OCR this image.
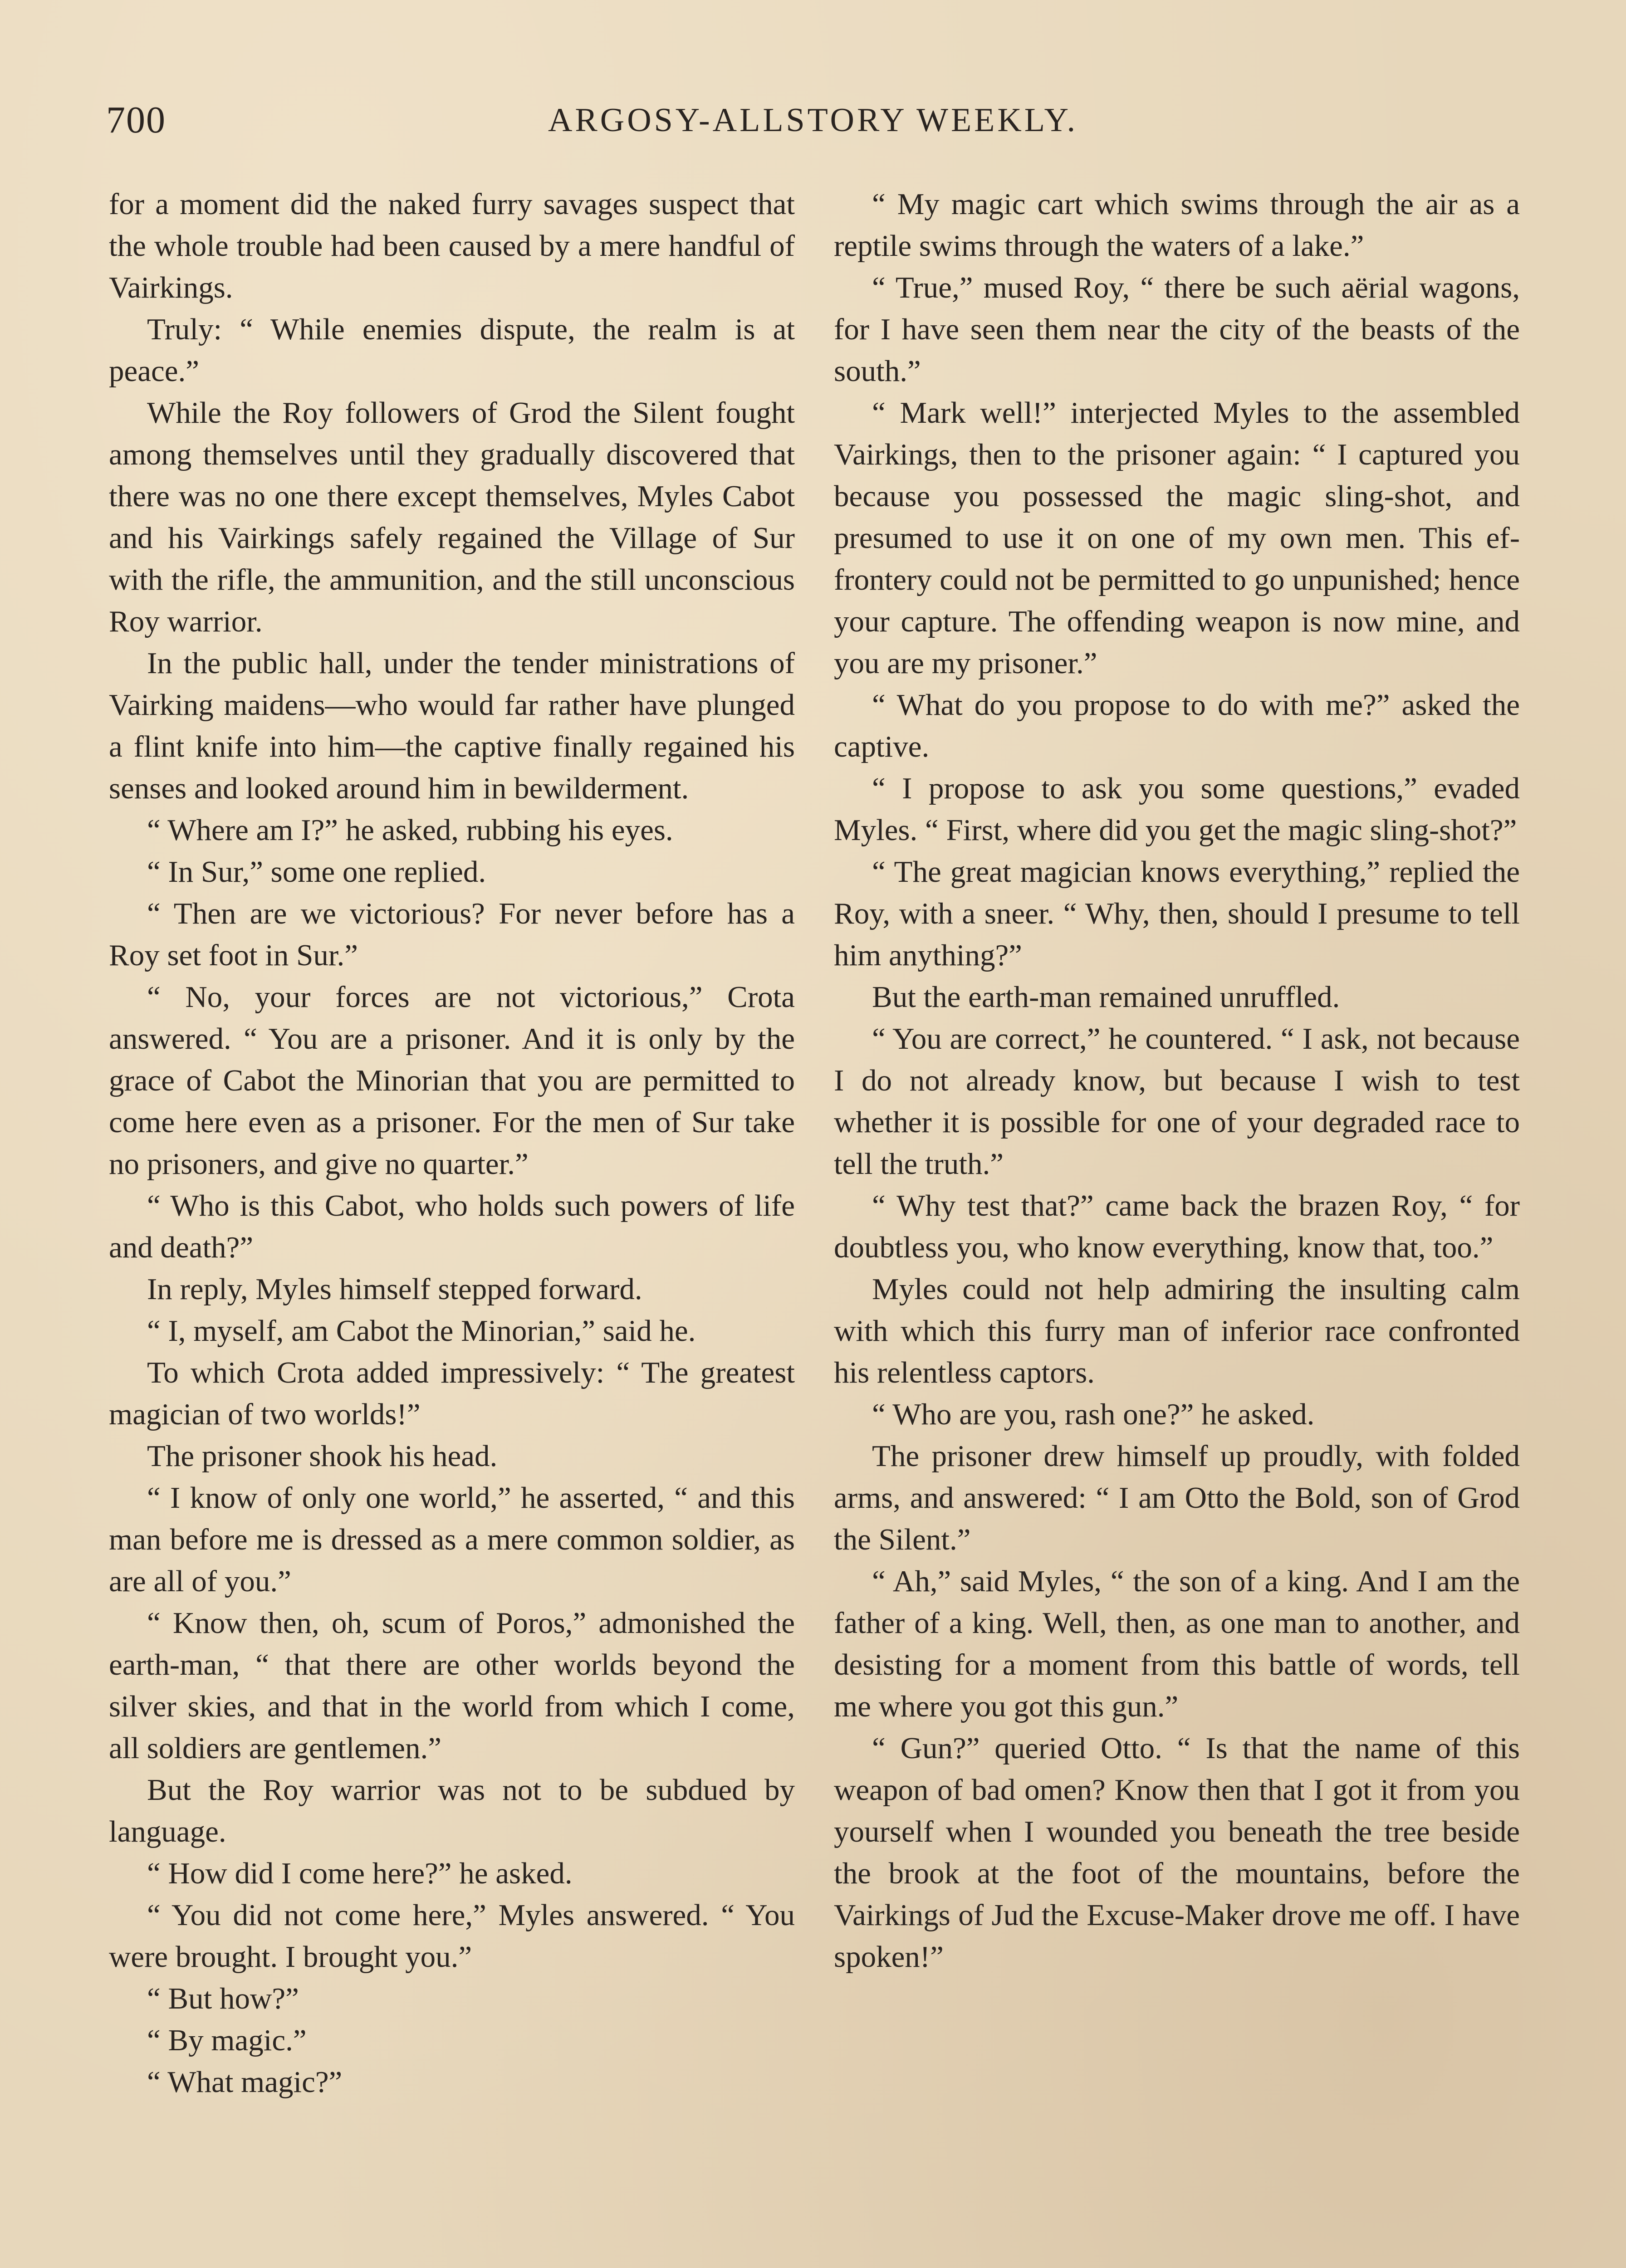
700	ARGOSY-ALLSTORY WEEKLY.

for a moment did the naked furry savages suspect that the whole trouble had been caused by a mere handful of Vairkings.

Truly: “ While enemies dispute, the realm is at peace.”

While the Roy followers of Grod the Silent fought among themselves until they gradually discovered that there was no one there except themselves, Myles Cabot and his Vairkings safely regained the Village of Sur with the rifle, the ammunition, and the still unconscious Roy warrior.

In the public hall, under the tender ministrations of Vairking maidens—who would far rather have plunged a flint knife into him—the captive finally regained his senses and looked around him in bewilderment.

“ Where am I?” he asked, rubbing his eyes.

“ In Sur,” some one replied.

“ Then are we victorious? For never before has a Roy set foot in Sur.”

“ No, your forces are not victorious,” Crota answered. “ You are a prisoner. And it is only by the grace of Cabot the Minorian that you are permitted to come here even as a prisoner. For the men of Sur take no prisoners, and give no quarter.”

“ Who is this Cabot, who holds such powers of life and death?”

In reply, Myles himself stepped forward.

“ I, myself, am Cabot the Minorian,” said he.

To which Crota added impressively: “ The greatest magician of two worlds!”

The prisoner shook his head.

“ I know of only one world,” he asserted, “ and this man before me is dressed as a mere common soldier, as are all of you.”

“ Know then, oh, scum of Poros,” admonished the earth-man, “ that there are other worlds beyond the silver skies, and that in the world from which I come, all soldiers are gentlemen.”

But the Roy warrior was not to be subdued by language.

“ How did I come here?” he asked.

“ You did not come here,” Myles answered. “ You were brought. I brought you.”

“ But how?”

“ By magic.”

“ What magic?”

“ My magic cart which swims through the air as a reptile swims through the waters of a lake.”

“ True,” mused Roy, “ there be such aërial wagons, for I have seen them near the city of the beasts of the south.”

“ Mark well!” interjected Myles to the assembled Vairkings, then to the prisoner again: “ I captured you because you possessed the magic sling-shot, and presumed to use it on one of my own men. This effrontery could not be permitted to go unpunished; hence your capture. The offending weapon is now mine, and you are my prisoner.”

“ What do you propose to do with me?” asked the captive.

“ I propose to ask you some questions,” evaded Myles. “ First, where did you get the magic sling-shot?”

“ The great magician knows everything,” replied the Roy, with a sneer. “ Why, then, should I presume to tell him anything?”

But the earth-man remained unruffled.

“ You are correct,” he countered. “ I ask, not because I do not already know, but because I wish to test whether it is possible for one of your degraded race to tell the truth.”

“ Why test that?” came back the brazen Roy, “ for doubtless you, who know everything, know that, too.”

Myles could not help admiring the insulting calm with which this furry man of inferior race confronted his relentless captors.

“ Who are you, rash one?” he asked.

The prisoner drew himself up proudly, with folded arms, and answered: “ I am Otto the Bold, son of Grod the Silent.”

“ Ah,” said Myles, “ the son of a king. And I am the father of a king. Well, then, as one man to another, and desisting for a moment from this battle of words, tell me where you got this gun.”

“ Gun?” queried Otto. “ Is that the name of this weapon of bad omen? Know then that I got it from you yourself when I wounded you beneath the tree beside the brook at the foot of the mountains, before the Vairkings of Jud the Excuse-Maker drove me off. I have spoken!”
